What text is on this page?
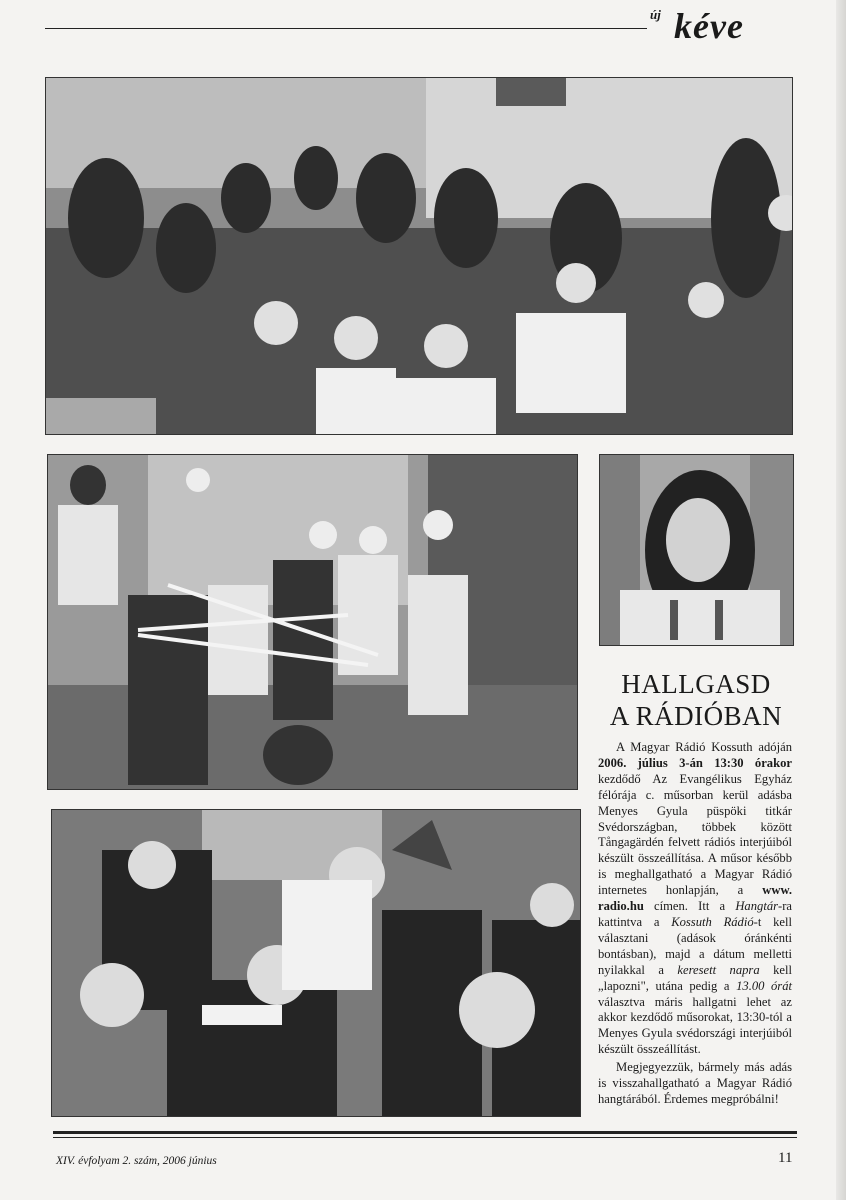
új kéve
HALLGASD
A RÁDIÓBAN

A Magyar Rádió Kossuth adóján 2006. július 3-án 13:30 órakor kezdődő Az Evangélikus Egyház félórája c. műsorban kerül adásba Menyes Gyula püspöki titkár Svédországban, többek között Tångagärdén felvett rádiós interjúiból készült összeállítása. A műsor később is meghallgatható a Magyar Rádió internetes honlapján, a www. radio.hu címen. Itt a Hangtár-ra kattintva a Kossuth Rádió-t kell választani (adások óránkénti bontásban), majd a dátum melletti nyilakkal a keresett napra kell „lapozni", utána pedig a 13.00 órát választva máris hallgatni lehet az akkor kezdődő műsorokat, 13:30-tól a Menyes Gyula svédországi interjúiból készült összeállítást.

Megjegyezzük, bármely más adás is visszahallgatható a Magyar Rádió hangtárából. Érdemes megpróbálni!

XIV. évfolyam 2. szám, 2006 június	11
